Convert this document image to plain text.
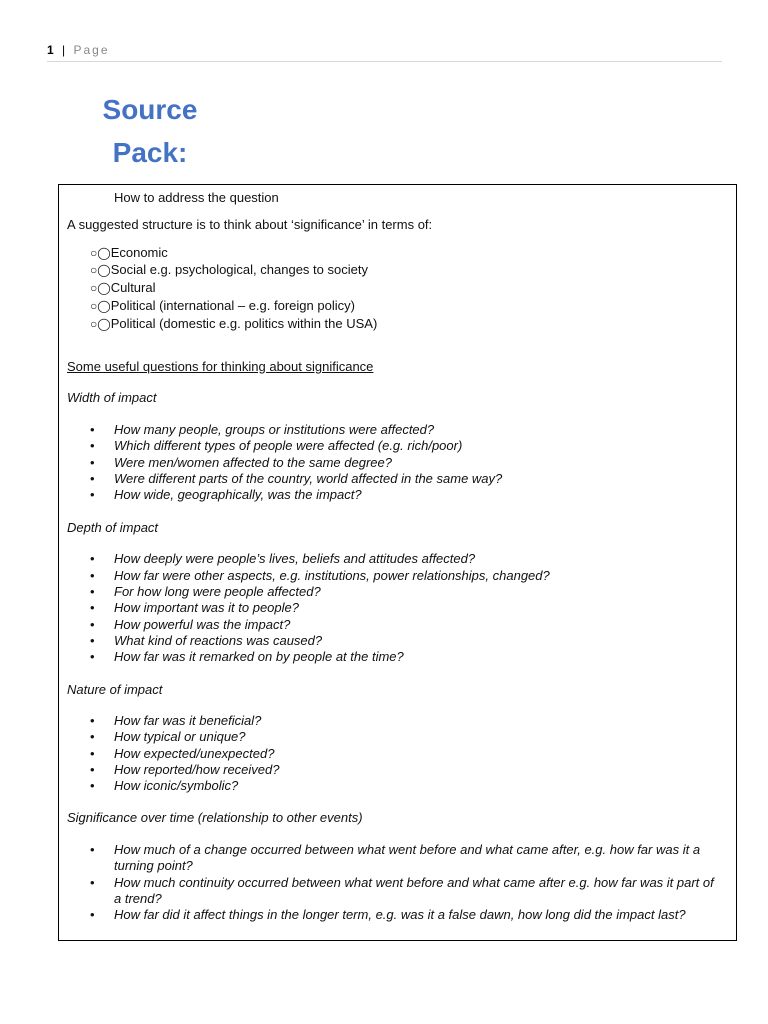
1 | Page
Source
Pack:
How to address the question
A suggested structure is to think about ‘significance’ in terms of:
○◯Economic
○◯Social e.g. psychological, changes to society
○◯Cultural
○◯Political (international – e.g. foreign policy)
○◯Political (domestic e.g. politics within the USA)
Some useful questions for thinking about significance
Width of impact
• How many people, groups or institutions were affected?
• Which different types of people were affected (e.g. rich/poor)
• Were men/women affected to the same degree?
• Were different parts of the country, world affected in the same way?
• How wide, geographically, was the impact?
Depth of impact
• How deeply were people’s lives, beliefs and attitudes affected?
• How far were other aspects, e.g. institutions, power relationships, changed?
• For how long were people affected?
• How important was it to people?
• How powerful was the impact?
• What kind of reactions was caused?
• How far was it remarked on by people at the time?
Nature of impact
• How far was it beneficial?
• How typical or unique?
• How expected/unexpected?
• How reported/how received?
• How iconic/symbolic?
Significance over time (relationship to other events)
• How much of a change occurred between what went before and what came after, e.g. how far was it a
turning point?
• How much continuity occurred between what went before and what came after e.g. how far was it part of
a trend?
• How far did it affect things in the longer term, e.g. was it a false dawn, how long did the impact last?
